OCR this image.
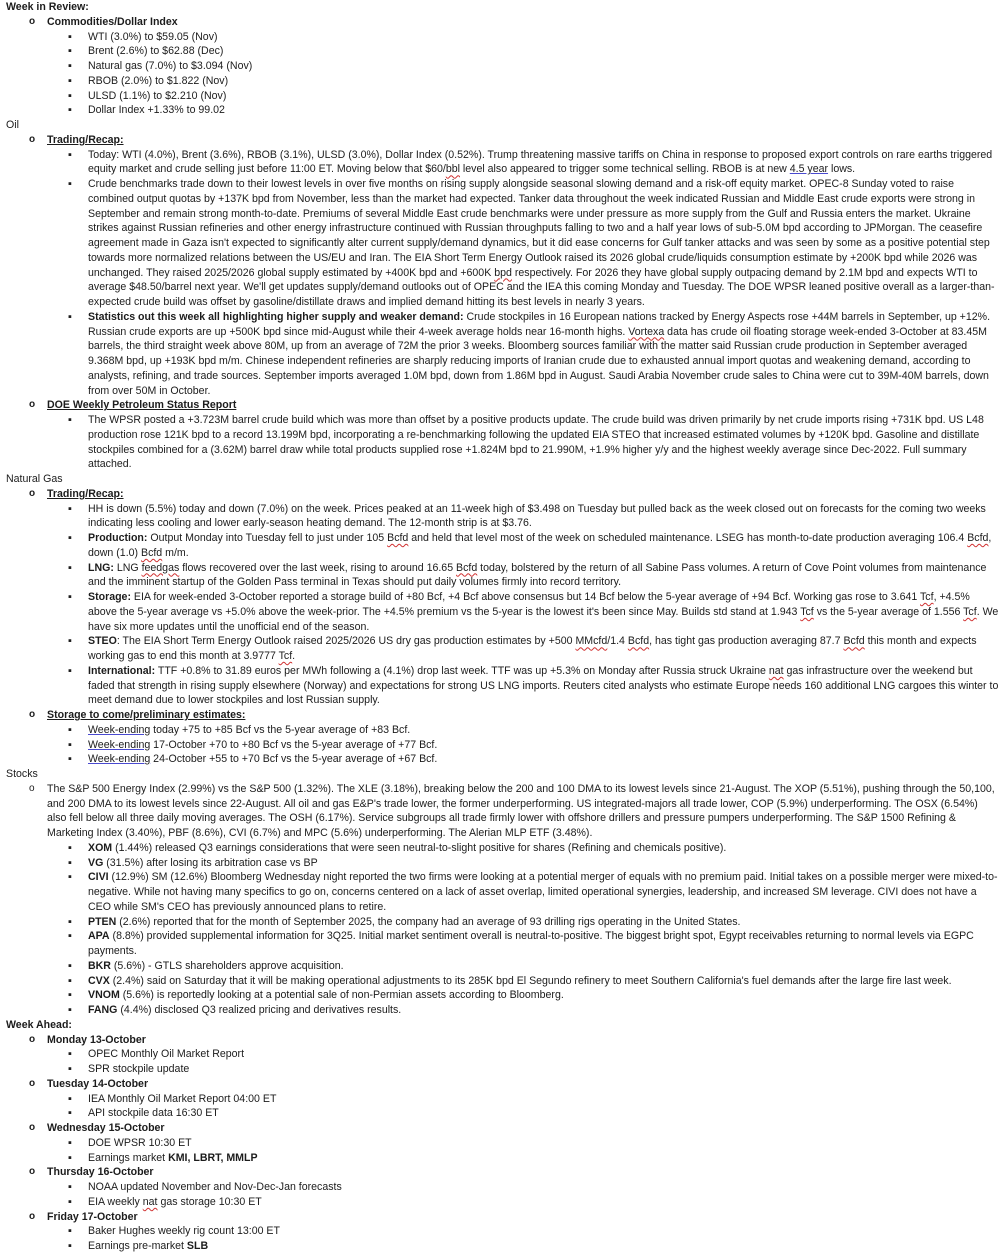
Week in Review:
o Commodities/Dollar Index
▪ WTI (3.0%) to $59.05 (Nov)
▪ Brent (2.6%) to $62.88 (Dec)
▪ Natural gas (7.0%) to $3.094 (Nov)
▪ RBOB (2.0%) to $1.822 (Nov)
▪ ULSD (1.1%) to $2.210 (Nov)
▪ Dollar Index +1.33% to 99.02
Oil
o Trading/Recap:
▪ Today: WTI (4.0%), Brent (3.6%), RBOB (3.1%), ULSD (3.0%), Dollar Index (0.52%). Trump threatening massive tariffs on China in response to proposed export controls on rare earths triggered equity market and crude selling just before 11:00 ET. Moving below that $60/bbl level also appeared to trigger some technical selling. RBOB is at new 4.5 year lows.
▪ Crude benchmarks trade down to their lowest levels in over five months on rising supply alongside seasonal slowing demand and a risk-off equity market. OPEC-8 Sunday voted to raise combined output quotas by +137K bpd from November, less than the market had expected. Tanker data throughout the week indicated Russian and Middle East crude exports were strong in September and remain strong month-to-date. Premiums of several Middle East crude benchmarks were under pressure as more supply from the Gulf and Russia enters the market. Ukraine strikes against Russian refineries and other energy infrastructure continued with Russian throughputs falling to two and a half year lows of sub-5.0M bpd according to JPMorgan. The ceasefire agreement made in Gaza isn't expected to significantly alter current supply/demand dynamics, but it did ease concerns for Gulf tanker attacks and was seen by some as a positive potential step towards more normalized relations between the US/EU and Iran. The EIA Short Term Energy Outlook raised its 2026 global crude/liquids consumption estimate by +200K bpd while 2026 was unchanged. They raised 2025/2026 global supply estimated by +400K bpd and +600K bpd respectively. For 2026 they have global supply outpacing demand by 2.1M bpd and expects WTI to average $48.50/barrel next year. We'll get updates supply/demand outlooks out of OPEC and the IEA this coming Monday and Tuesday. The DOE WPSR leaned positive overall as a larger-than-expected crude build was offset by gasoline/distillate draws and implied demand hitting its best levels in nearly 3 years.
▪ Statistics out this week all highlighting higher supply and weaker demand: Crude stockpiles in 16 European nations tracked by Energy Aspects rose +44M barrels in September, up +12%. Russian crude exports are up +500K bpd since mid-August while their 4-week average holds near 16-month highs. Vortexa data has crude oil floating storage week-ended 3-October at 83.45M barrels, the third straight week above 80M, up from an average of 72M the prior 3 weeks. Bloomberg sources familiar with the matter said Russian crude production in September averaged 9.368M bpd, up +193K bpd m/m. Chinese independent refineries are sharply reducing imports of Iranian crude due to exhausted annual import quotas and weakening demand, according to analysts, refining, and trade sources. September imports averaged 1.0M bpd, down from 1.86M bpd in August. Saudi Arabia November crude sales to China were cut to 39M-40M barrels, down from over 50M in October.
o DOE Weekly Petroleum Status Report
▪ The WPSR posted a +3.723M barrel crude build which was more than offset by a positive products update. The crude build was driven primarily by net crude imports rising +731K bpd. US L48 production rose 121K bpd to a record 13.199M bpd, incorporating a re-benchmarking following the updated EIA STEO that increased estimated volumes by +120K bpd. Gasoline and distillate stockpiles combined for a (3.62M) barrel draw while total products supplied rose +1.824M bpd to 21.990M, +1.9% higher y/y and the highest weekly average since Dec-2022. Full summary attached.
Natural Gas
o Trading/Recap:
▪ HH is down (5.5%) today and down (7.0%) on the week. Prices peaked at an 11-week high of $3.498 on Tuesday but pulled back as the week closed out on forecasts for the coming two weeks indicating less cooling and lower early-season heating demand. The 12-month strip is at $3.76.
▪ Production: Output Monday into Tuesday fell to just under 105 Bcfd and held that level most of the week on scheduled maintenance. LSEG has month-to-date production averaging 106.4 Bcfd, down (1.0) Bcfd m/m.
▪ LNG: LNG feedgas flows recovered over the last week, rising to around 16.65 Bcfd today, bolstered by the return of all Sabine Pass volumes. A return of Cove Point volumes from maintenance and the imminent startup of the Golden Pass terminal in Texas should put daily volumes firmly into record territory.
▪ Storage: EIA for week-ended 3-October reported a storage build of +80 Bcf, +4 Bcf above consensus but 14 Bcf below the 5-year average of +94 Bcf. Working gas rose to 3.641 Tcf, +4.5% above the 5-year average vs +5.0% above the week-prior. The +4.5% premium vs the 5-year is the lowest it's been since May. Builds std stand at 1.943 Tcf vs the 5-year average of 1.556 Tcf. We have six more updates until the unofficial end of the season.
▪ STEO: The EIA Short Term Energy Outlook raised 2025/2026 US dry gas production estimates by +500 MMcfd/1.4 Bcfd, has tight gas production averaging 87.7 Bcfd this month and expects working gas to end this month at 3.9777 Tcf.
▪ International: TTF +0.8% to 31.89 euros per MWh following a (4.1%) drop last week. TTF was up +5.3% on Monday after Russia struck Ukraine nat gas infrastructure over the weekend but faded that strength in rising supply elsewhere (Norway) and expectations for strong US LNG imports. Reuters cited analysts who estimate Europe needs 160 additional LNG cargoes this winter to meet demand due to lower stockpiles and lost Russian supply.
o Storage to come/preliminary estimates:
▪ Week-ending today +75 to +85 Bcf vs the 5-year average of +83 Bcf.
▪ Week-ending 17-October +70 to +80 Bcf vs the 5-year average of +77 Bcf.
▪ Week-ending 24-October +55 to +70 Bcf vs the 5-year average of +67 Bcf.
Stocks
o The S&P 500 Energy Index (2.99%) vs the S&P 500 (1.32%). The XLE (3.18%), breaking below the 200 and 100 DMA to its lowest levels since 21-August. The XOP (5.51%), pushing through the 50,100, and 200 DMA to its lowest levels since 22-August. All oil and gas E&P's trade lower, the former underperforming. US integrated-majors all trade lower, COP (5.9%) underperforming. The OSX (6.54%) also fell below all three daily moving averages. The OSH (6.17%). Service subgroups all trade firmly lower with offshore drillers and pressure pumpers underperforming. The S&P 1500 Refining & Marketing Index (3.40%), PBF (8.6%), CVI (6.7%) and MPC (5.6%) underperforming. The Alerian MLP ETF (3.48%).
▪ XOM (1.44%) released Q3 earnings considerations that were seen neutral-to-slight positive for shares (Refining and chemicals positive).
▪ VG (31.5%) after losing its arbitration case vs BP
▪ CIVI (12.9%) SM (12.6%) Bloomberg Wednesday night reported the two firms were looking at a potential merger of equals with no premium paid. Initial takes on a possible merger were mixed-to-negative. While not having many specifics to go on, concerns centered on a lack of asset overlap, limited operational synergies, leadership, and increased SM leverage. CIVI does not have a CEO while SM's CEO has previously announced plans to retire.
▪ PTEN (2.6%) reported that for the month of September 2025, the company had an average of 93 drilling rigs operating in the United States.
▪ APA (8.8%) provided supplemental information for 3Q25. Initial market sentiment overall is neutral-to-positive. The biggest bright spot, Egypt receivables returning to normal levels via EGPC payments.
▪ BKR (5.6%) - GTLS shareholders approve acquisition.
▪ CVX (2.4%) said on Saturday that it will be making operational adjustments to its 285K bpd El Segundo refinery to meet Southern California's fuel demands after the large fire last week.
▪ VNOM (5.6%) is reportedly looking at a potential sale of non-Permian assets according to Bloomberg.
▪ FANG (4.4%) disclosed Q3 realized pricing and derivatives results.
Week Ahead:
o Monday 13-October
▪ OPEC Monthly Oil Market Report
▪ SPR stockpile update
o Tuesday 14-October
▪ IEA Monthly Oil Market Report 04:00 ET
▪ API stockpile data 16:30 ET
o Wednesday 15-October
▪ DOE WPSR 10:30 ET
▪ Earnings market KMI, LBRT, MMLP
o Thursday 16-October
▪ NOAA updated November and Nov-Dec-Jan forecasts
▪ EIA weekly nat gas storage 10:30 ET
o Friday 17-October
▪ Baker Hughes weekly rig count 13:00 ET
▪ Earnings pre-market SLB
